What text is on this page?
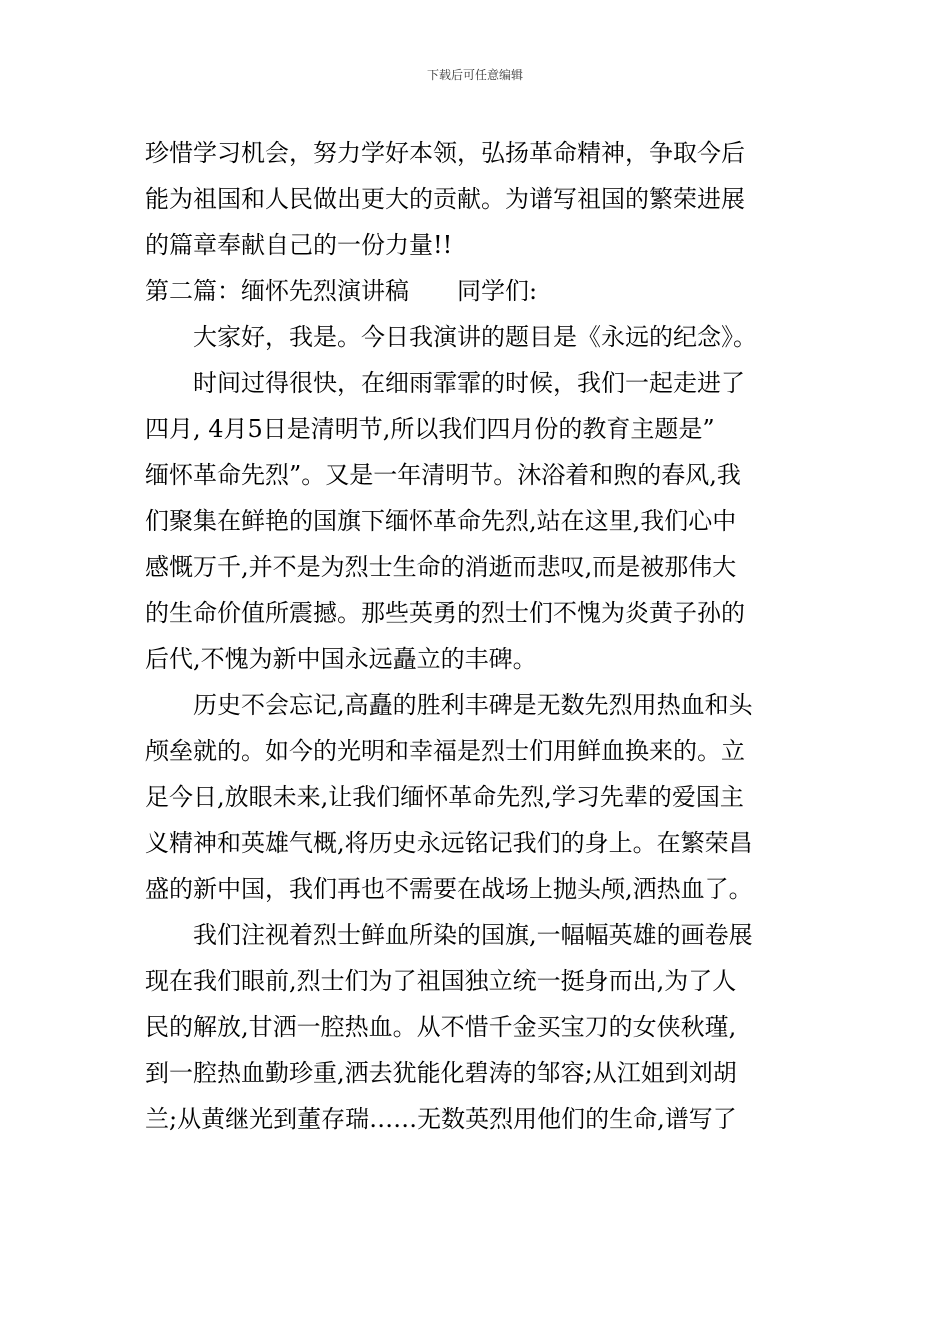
下载后可任意编辑
珍惜学习机会，努力学好本领，弘扬革命精神，争取今后
能为祖国和人民做出更大的贡献。为谱写祖国的繁荣进展
的篇章奉献自己的一份力量!!
第二篇：缅怀先烈演讲稿　　同学们:
大家好，我是。今日我演讲的题目是《永远的纪念》。
时间过得很快，在细雨霏霏的时候，我们一起走进了
四月, 4月5日是清明节,所以我们四月份的教育主题是”
缅怀革命先烈”。又是一年清明节。沐浴着和煦的春风,我
们聚集在鲜艳的国旗下缅怀革命先烈,站在这里,我们心中
感慨万千,并不是为烈士生命的消逝而悲叹,而是被那伟大
的生命价值所震撼。那些英勇的烈士们不愧为炎黄子孙的
后代,不愧为新中国永远矗立的丰碑。
历史不会忘记,高矗的胜利丰碑是无数先烈用热血和头
颅垒就的。如今的光明和幸福是烈士们用鲜血换来的。立
足今日,放眼未来,让我们缅怀革命先烈,学习先辈的爱国主
义精神和英雄气概,将历史永远铭记我们的身上。在繁荣昌
盛的新中国，我们再也不需要在战场上抛头颅,洒热血了。
我们注视着烈士鲜血所染的国旗,一幅幅英雄的画卷展
现在我们眼前,烈士们为了祖国独立统一挺身而出,为了人
民的解放,甘洒一腔热血。从不惜千金买宝刀的女侠秋瑾,
到一腔热血勤珍重,洒去犹能化碧涛的邹容;从江姐到刘胡
兰;从黄继光到董存瑞……无数英烈用他们的生命,谱写了
